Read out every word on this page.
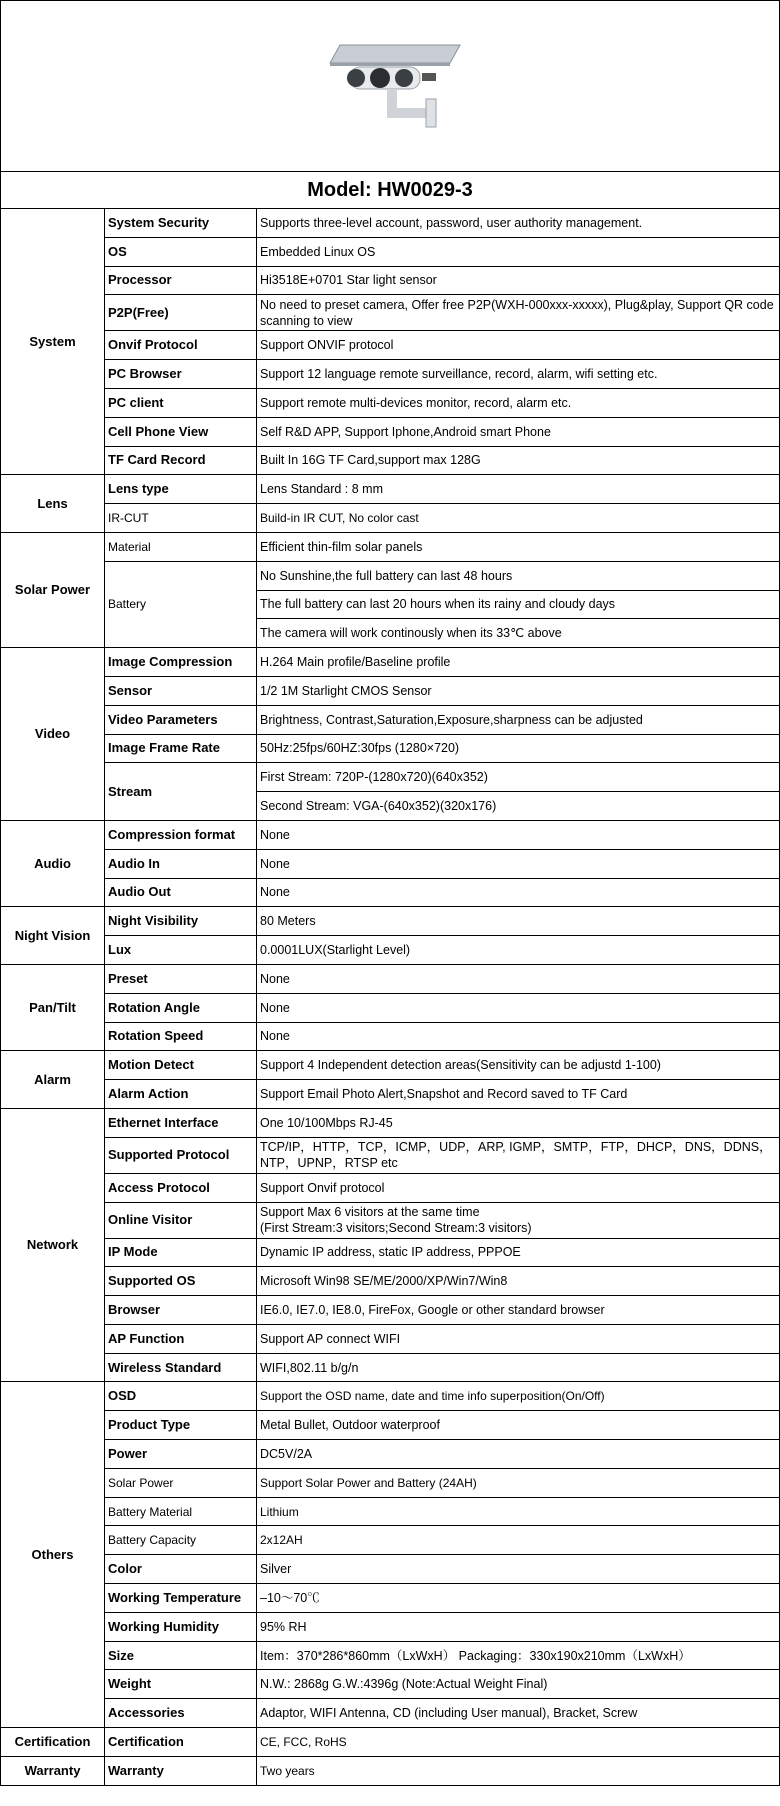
Model: HW0029-3
System	System Security	Supports three-level account, password, user authority management.
	OS	Embedded Linux OS
	Processor	Hi3518E+0701 Star light sensor
	P2P(Free)	No need to preset camera, Offer free P2P(WXH-000xxx-xxxxx), Plug&play, Support QR code scanning to view
	Onvif Protocol	Support ONVIF protocol
	PC Browser	Support 12 language remote surveillance, record, alarm, wifi setting etc.
	PC client	Support remote multi-devices monitor, record, alarm etc.
	Cell Phone View	Self R&D APP, Support Iphone,Android smart Phone
	TF Card Record	Built In 16G TF Card,support max 128G
Lens	Lens type	Lens Standard : 8 mm
	IR-CUT	Build-in IR CUT, No color cast
Solar Power	Material	Efficient thin-film solar panels
	Battery	No Sunshine,the full battery can last 48 hours
		The full battery can last 20 hours when its rainy and cloudy days
		The camera will work continously when its 33℃ above
Video	Image Compression	H.264 Main profile/Baseline profile
	Sensor	1/2 1M Starlight CMOS Sensor
	Video Parameters	Brightness, Contrast,Saturation,Exposure,sharpness can be adjusted
	Image Frame Rate	50Hz:25fps/60HZ:30fps (1280×720)
	Stream	First Stream: 720P-(1280x720)(640x352)
		Second Stream: VGA-(640x352)(320x176)
Audio	Compression format	None
	Audio In	None
	Audio Out	None
Night Vision	Night Visibility	80 Meters
	Lux	0.0001LUX(Starlight Level)
Pan/Tilt	Preset	None
	Rotation Angle	None
	Rotation Speed	None
Alarm	Motion Detect	Support 4 Independent detection areas(Sensitivity can be adjustd 1-100)
	Alarm Action	Support Email Photo Alert,Snapshot and Record saved to TF Card
Network	Ethernet Interface	One 10/100Mbps RJ-45
	Supported Protocol	TCP/IP，HTTP，TCP，ICMP，UDP，ARP, IGMP，SMTP，FTP，DHCP，DNS，DDNS，NTP，UPNP，RTSP etc
	Access Protocol	Support Onvif protocol
	Online Visitor	Support Max 6 visitors at the same time
(First Stream:3 visitors;Second Stream:3 visitors)
	IP Mode	Dynamic IP address, static IP address, PPPOE
	Supported OS	Microsoft Win98 SE/ME/2000/XP/Win7/Win8
	Browser	IE6.0, IE7.0, IE8.0, FireFox, Google or other standard browser
	AP Function	Support AP connect WIFI
	Wireless Standard	WIFI,802.11 b/g/n
Others	OSD	Support the OSD name, date and time info superposition(On/Off)
	Product Type	Metal Bullet, Outdoor waterproof
	Power	DC5V/2A
	Solar Power	Support Solar Power and Battery (24AH)
	Battery Material	Lithium
	Battery Capacity	2x12AH
	Color	Silver
	Working Temperature	–10～70℃
	Working Humidity	95% RH
	Size	Item：370*286*860mm（LxWxH） Packaging：330x190x210mm（LxWxH）
	Weight	N.W.: 2868g G.W.:4396g (Note:Actual Weight Final)
	Accessories	Adaptor, WIFI Antenna, CD (including User manual), Bracket, Screw
Certification	Certification	CE, FCC, RoHS
Warranty	Warranty	Two years
